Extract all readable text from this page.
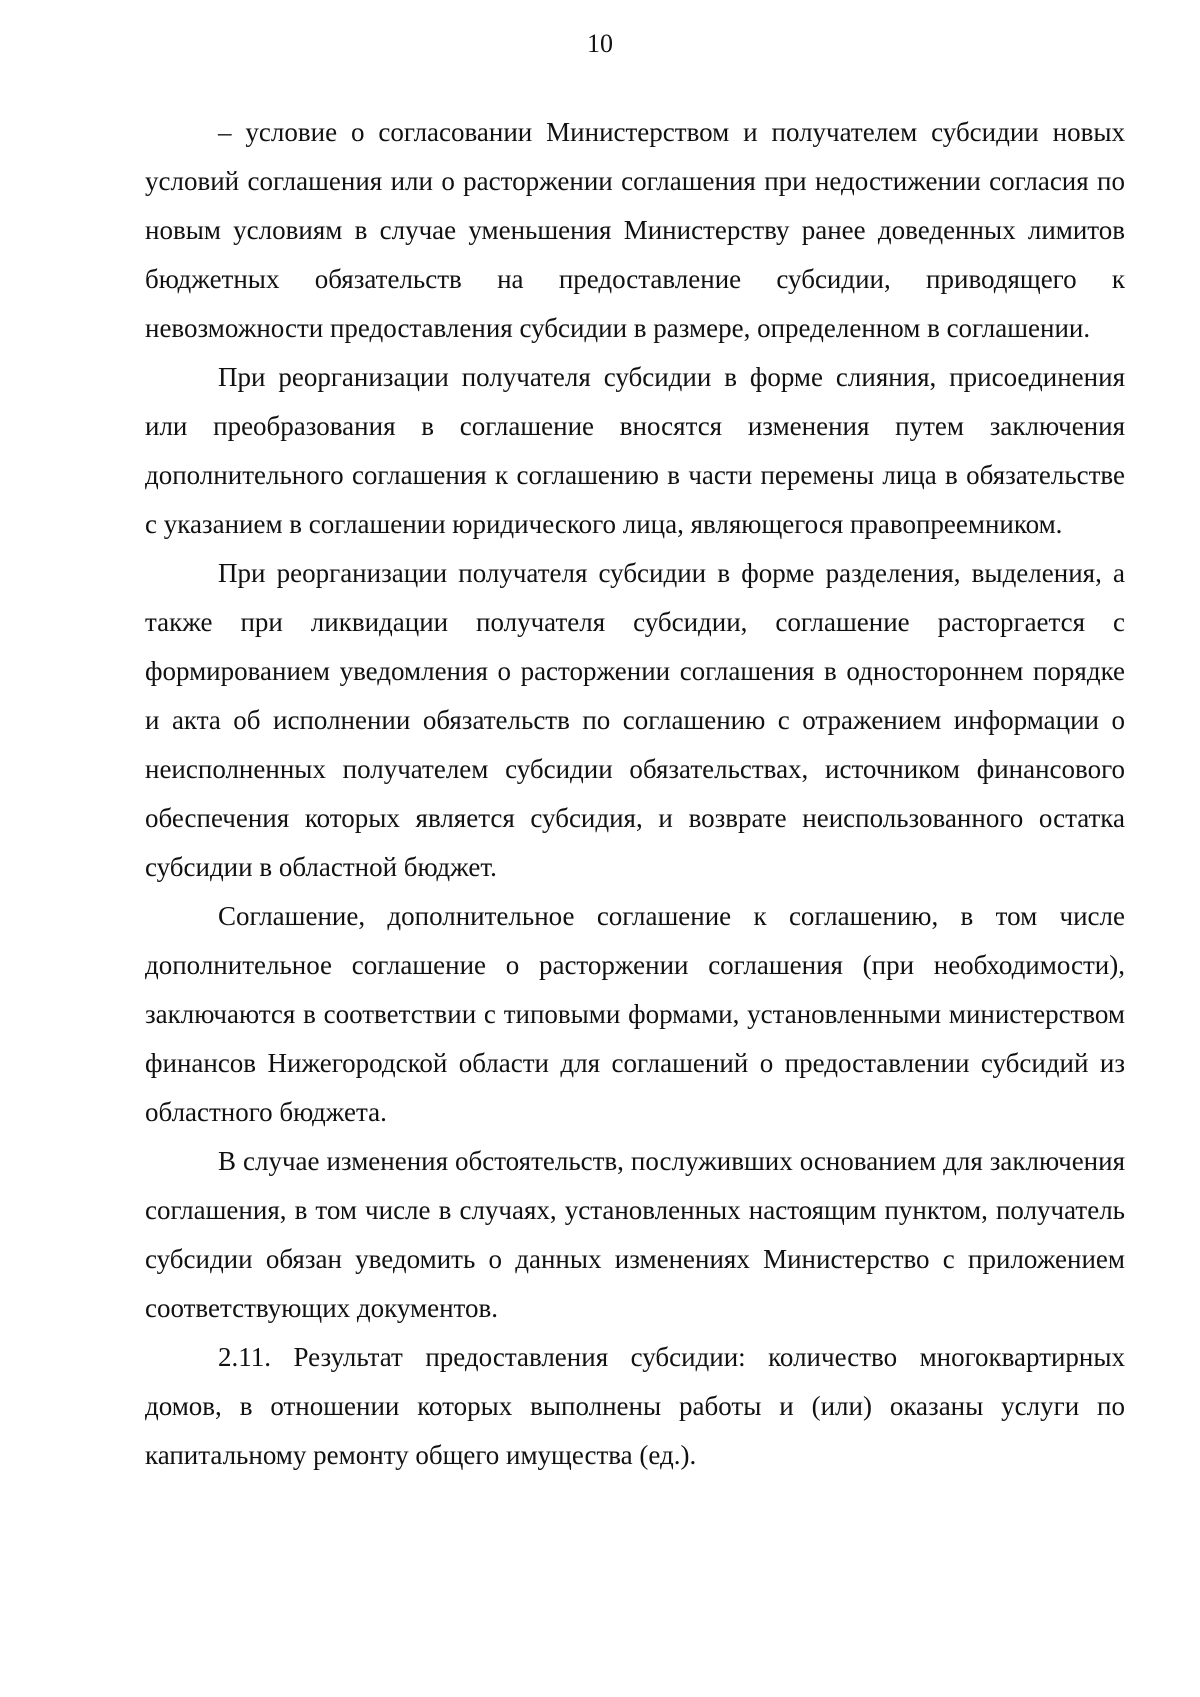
10

– условие о согласовании Министерством и получателем субсидии новых условий соглашения или о расторжении соглашения при недостижении согласия по новым условиям в случае уменьшения Министерству ранее доведенных лимитов бюджетных обязательств на предоставление субсидии, приводящего к невозможности предоставления субсидии в размере, определенном в соглашении.

При реорганизации получателя субсидии в форме слияния, присоединения или преобразования в соглашение вносятся изменения путем заключения дополнительного соглашения к соглашению в части перемены лица в обязательстве с указанием в соглашении юридического лица, являющегося правопреемником.

При реорганизации получателя субсидии в форме разделения, выделения, а также при ликвидации получателя субсидии, соглашение расторгается с формированием уведомления о расторжении соглашения в одностороннем порядке и акта об исполнении обязательств по соглашению с отражением информации о неисполненных получателем субсидии обязательствах, источником финансового обеспечения которых является субсидия, и возврате неиспользованного остатка субсидии в областной бюджет.

Соглашение, дополнительное соглашение к соглашению, в том числе дополнительное соглашение о расторжении соглашения (при необходимости), заключаются в соответствии с типовыми формами, установленными министерством финансов Нижегородской области для соглашений о предоставлении субсидий из областного бюджета.

В случае изменения обстоятельств, послуживших основанием для заключения соглашения, в том числе в случаях, установленных настоящим пунктом, получатель субсидии обязан уведомить о данных изменениях Министерство с приложением соответствующих документов.

2.11. Результат предоставления субсидии: количество многоквартирных домов, в отношении которых выполнены работы и (или) оказаны услуги по капитальному ремонту общего имущества (ед.).
